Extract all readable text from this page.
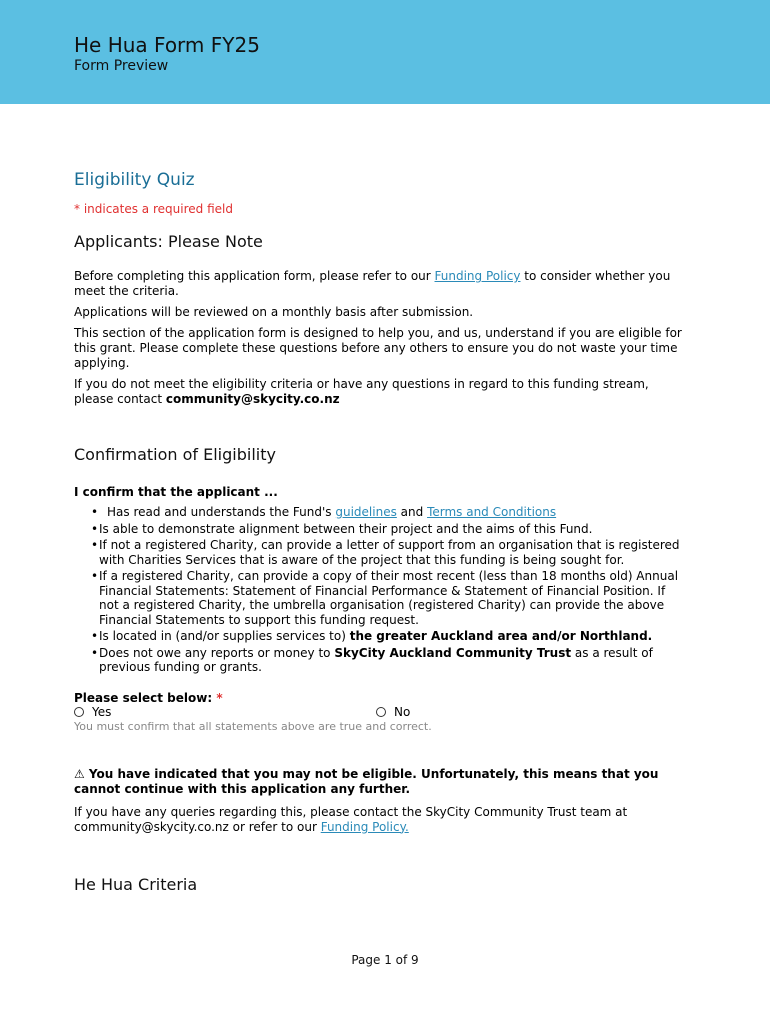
He Hua Form FY25
Form Preview
Eligibility Quiz
* indicates a required field
Applicants: Please Note

Before completing this application form, please refer to our Funding Policy to consider whether you meet the criteria.

Applications will be reviewed on a monthly basis after submission.

This section of the application form is designed to help you, and us, understand if you are eligible for this grant. Please complete these questions before any others to ensure you do not waste your time applying.

If you do not meet the eligibility criteria or have any questions in regard to this funding stream, please contact community@skycity.co.nz

Confirmation of Eligibility
I confirm that the applicant ...
• Has read and understands the Fund's guidelines and Terms and Conditions
• Is able to demonstrate alignment between their project and the aims of this Fund.
• If not a registered Charity, can provide a letter of support from an organisation that is registered with Charities Services that is aware of the project that this funding is being sought for.
• If a registered Charity, can provide a copy of their most recent (less than 18 months old) Annual Financial Statements: Statement of Financial Performance & Statement of Financial Position. If not a registered Charity, the umbrella organisation (registered Charity) can provide the above Financial Statements to support this funding request.
• Is located in (and/or supplies services to) the greater Auckland area and/or Northland.
• Does not owe any reports or money to SkyCity Auckland Community Trust as a result of previous funding or grants.
Please select below: *
Yes	No
You must confirm that all statements above are true and correct.
⚠ You have indicated that you may not be eligible. Unfortunately, this means that you cannot continue with this application any further.

If you have any queries regarding this, please contact the SkyCity Community Trust team at community@skycity.co.nz or refer to our Funding Policy.

He Hua Criteria
Page 1 of 9
